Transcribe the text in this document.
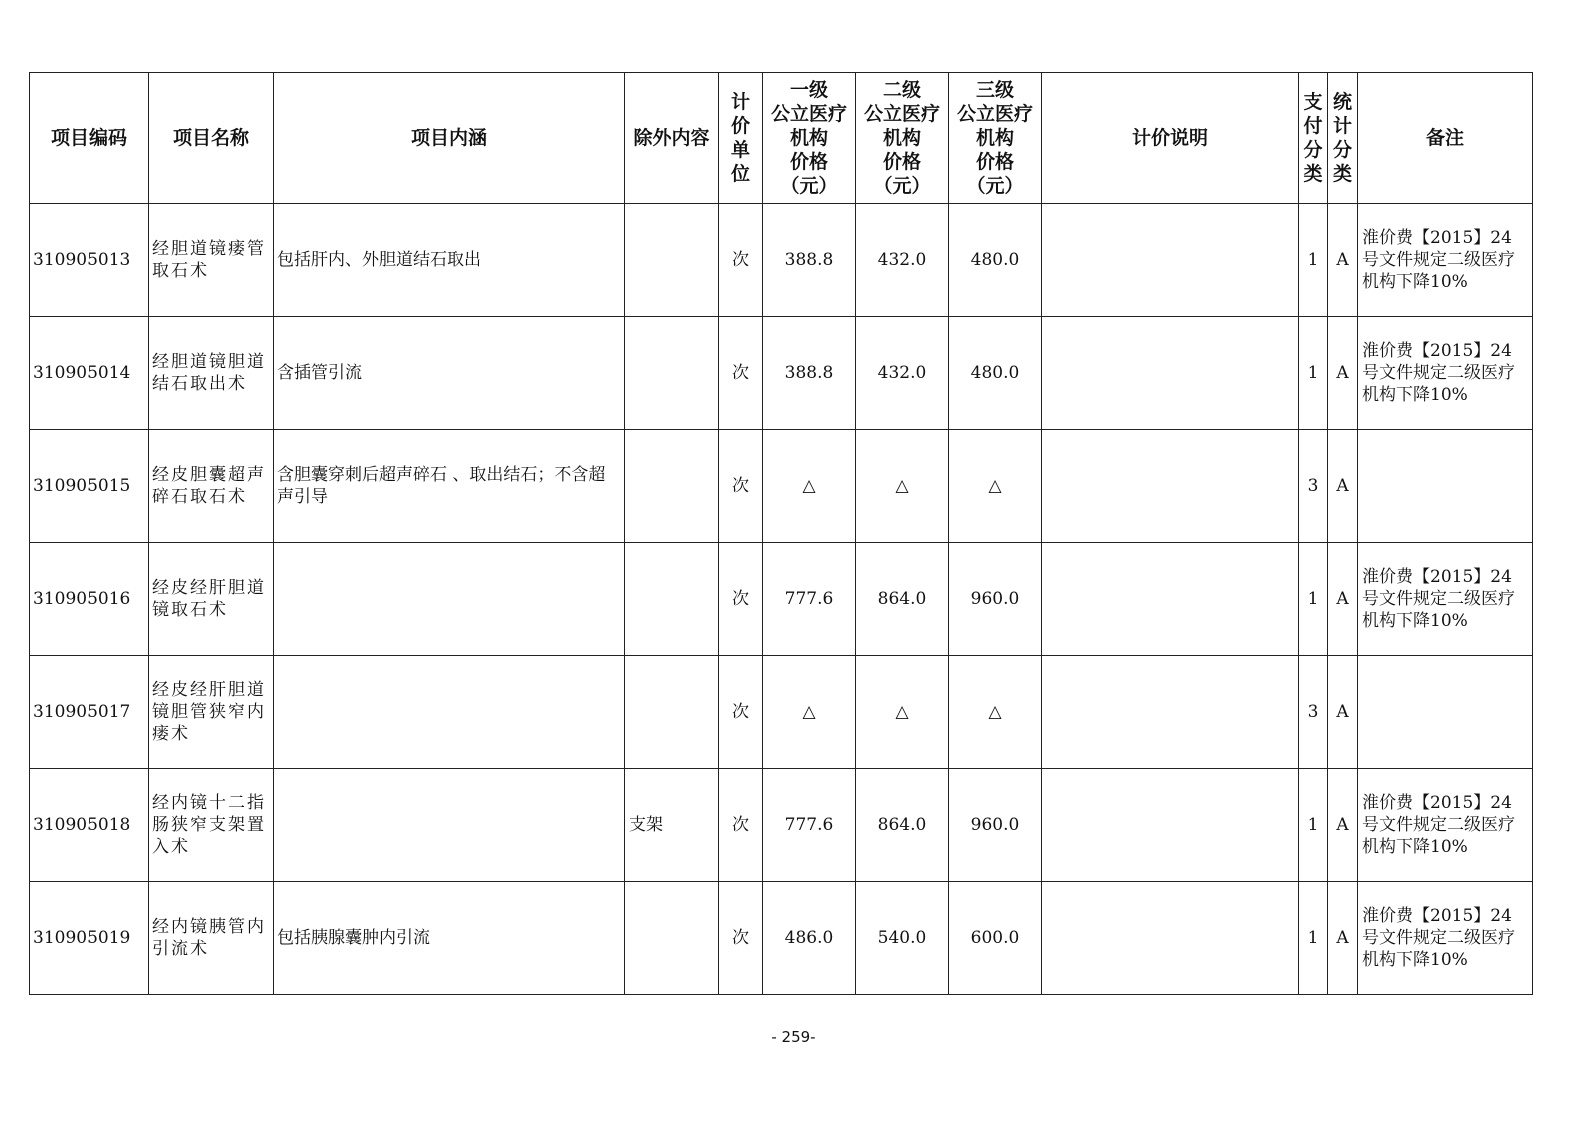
项目编码	项目名称	项目内涵	除外内容	计
价
单
位	一级
公立医疗
机构
价格
（元）	二级
公立医疗
机构
价格
（元）	三级
公立医疗
机构
价格
（元）	计价说明	支
付
分
类	统
计
分
类	备注
310905013	经胆道镜瘘管取石术	包括肝内、外胆道结石取出		次	388.8	432.0	480.0		1	A	淮价费【2015】24号文件规定二级医疗机构下降10%
310905014	经胆道镜胆道结石取出术	含插管引流		次	388.8	432.0	480.0		1	A	淮价费【2015】24号文件规定二级医疗机构下降10%
310905015	经皮胆囊超声碎石取石术	含胆囊穿刺后超声碎石 、取出结石；不含超声引导		次	△	△	△		3	A	
310905016	经皮经肝胆道镜取石术			次	777.6	864.0	960.0		1	A	淮价费【2015】24号文件规定二级医疗机构下降10%
310905017	经皮经肝胆道镜胆管狭窄内瘘术			次	△	△	△		3	A	
310905018	经内镜十二指肠狭窄支架置入术		支架	次	777.6	864.0	960.0		1	A	淮价费【2015】24号文件规定二级医疗机构下降10%
310905019	经内镜胰管内引流术	包括胰腺囊肿内引流		次	486.0	540.0	600.0		1	A	淮价费【2015】24号文件规定二级医疗机构下降10%
- 259-
